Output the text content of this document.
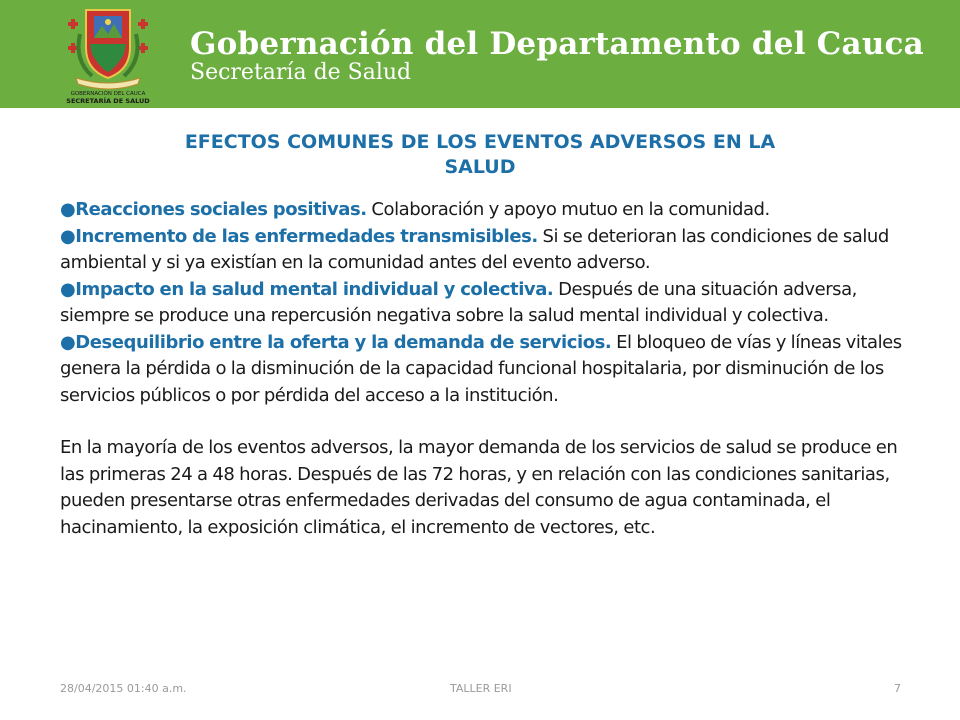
GOBERNACIÓN DEL CAUCA
SECRETARÍA DE SALUD
Gobernación del Departamento del Cauca
Secretaría de Salud
EFECTOS COMUNES DE LOS EVENTOS ADVERSOS EN LA
SALUD

●Reacciones sociales positivas. Colaboración y apoyo mutuo en la comunidad.

●Incremento de las enfermedades transmisibles. Si se deterioran las condiciones de salud ambiental y si ya existían en la comunidad antes del evento adverso.

●Impacto en la salud mental individual y colectiva. Después de una situación adversa, siempre se produce una repercusión negativa sobre la salud mental individual y colectiva.

●Desequilibrio entre la oferta y la demanda de servicios. El bloqueo de vías y líneas vitales genera la pérdida o la disminución de la capacidad funcional hospitalaria, por disminución de los servicios públicos o por pérdida del acceso a la institución.

En la mayoría de los eventos adversos, la mayor demanda de los servicios de salud se produce en las primeras 24 a 48 horas. Después de las 72 horas, y en relación con las condiciones sanitarias, pueden presentarse otras enfermedades derivadas del consumo de agua contaminada, el hacinamiento, la exposición climática, el incremento de vectores, etc.

28/04/2015 01:40 a.m.	TALLER ERI	7
